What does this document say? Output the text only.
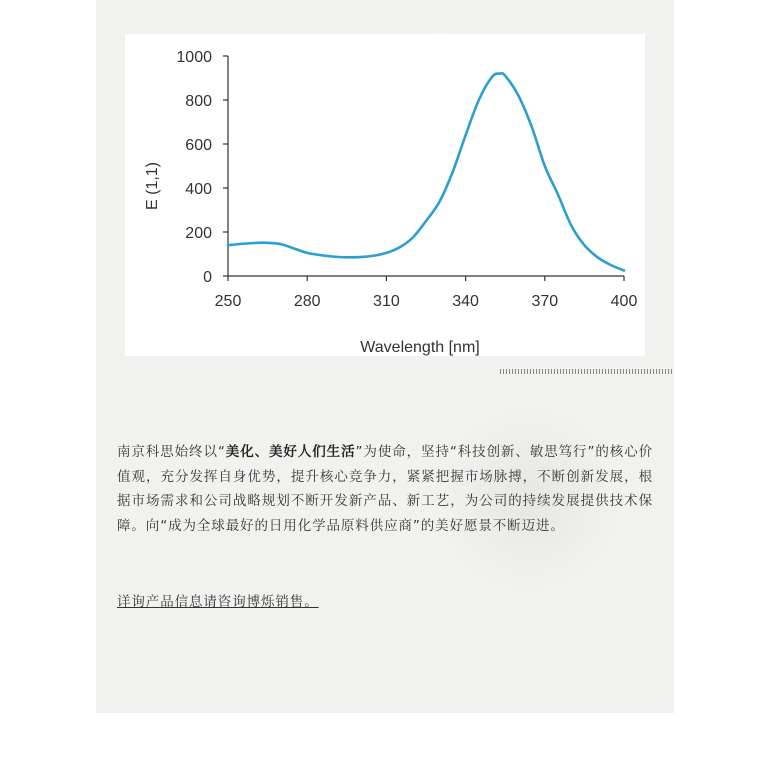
250	280	310	340	370	400
0
200
400
600
800
1000
E (1,1)
Wavelength [nm]

南京科思始终以“美化、美好人们生活”为使命，坚持“科技创新、敏思笃行”的核心价值观，充分发挥自身优势，提升核心竞争力，紧紧把握市场脉搏，不断创新发展，根据市场需求和公司战略规划不断开发新产品、新工艺，为公司的持续发展提供技术保障。向“成为全球最好的日用化学品原料供应商”的美好愿景不断迈进。

详询产品信息请咨询博烁销售。
